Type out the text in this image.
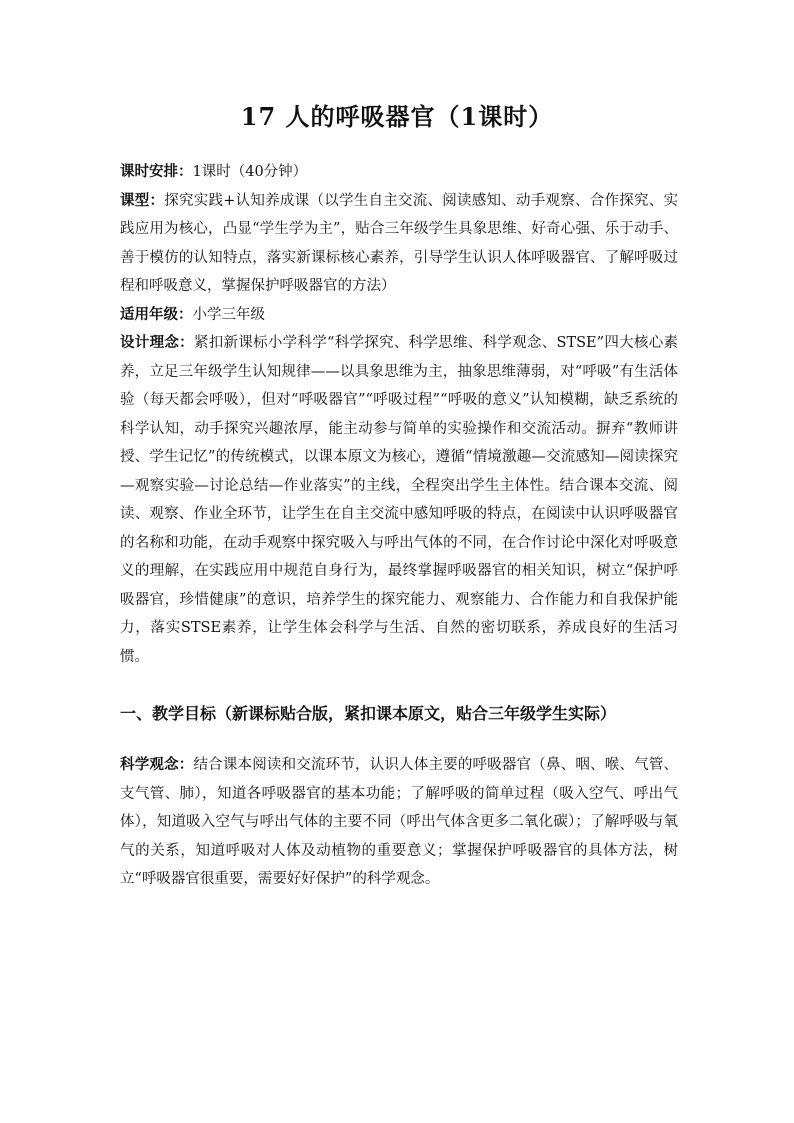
17 人的呼吸器官（1课时）

课时安排：1课时（40分钟）

课型：探究实践+认知养成课（以学生自主交流、阅读感知、动手观察、合作探究、实践应用为核心，凸显“学生学为主”，贴合三年级学生具象思维、好奇心强、乐于动手、善于模仿的认知特点，落实新课标核心素养，引导学生认识人体呼吸器官、了解呼吸过程和呼吸意义，掌握保护呼吸器官的方法）

适用年级：小学三年级

设计理念：紧扣新课标小学科学“科学探究、科学思维、科学观念、STSE”四大核心素养，立足三年级学生认知规律——以具象思维为主，抽象思维薄弱，对“呼吸”有生活体验（每天都会呼吸），但对“呼吸器官”“呼吸过程”“呼吸的意义”认知模糊，缺乏系统的科学认知，动手探究兴趣浓厚，能主动参与简单的实验操作和交流活动。摒弃“教师讲授、学生记忆”的传统模式，以课本原文为核心，遵循“情境激趣—交流感知—阅读探究—观察实验—讨论总结—作业落实”的主线，全程突出学生主体性。结合课本交流、阅读、观察、作业全环节，让学生在自主交流中感知呼吸的特点，在阅读中认识呼吸器官的名称和功能，在动手观察中探究吸入与呼出气体的不同，在合作讨论中深化对呼吸意义的理解，在实践应用中规范自身行为，最终掌握呼吸器官的相关知识，树立“保护呼吸器官，珍惜健康”的意识，培养学生的探究能力、观察能力、合作能力和自我保护能力，落实STSE素养，让学生体会科学与生活、自然的密切联系，养成良好的生活习惯。

一、教学目标（新课标贴合版，紧扣课本原文，贴合三年级学生实际）

科学观念：结合课本阅读和交流环节，认识人体主要的呼吸器官（鼻、咽、喉、气管、支气管、肺），知道各呼吸器官的基本功能；了解呼吸的简单过程（吸入空气、呼出气体），知道吸入空气与呼出气体的主要不同（呼出气体含更多二氧化碳）；了解呼吸与氧气的关系，知道呼吸对人体及动植物的重要意义；掌握保护呼吸器官的具体方法，树立“呼吸器官很重要，需要好好保护”的科学观念。
